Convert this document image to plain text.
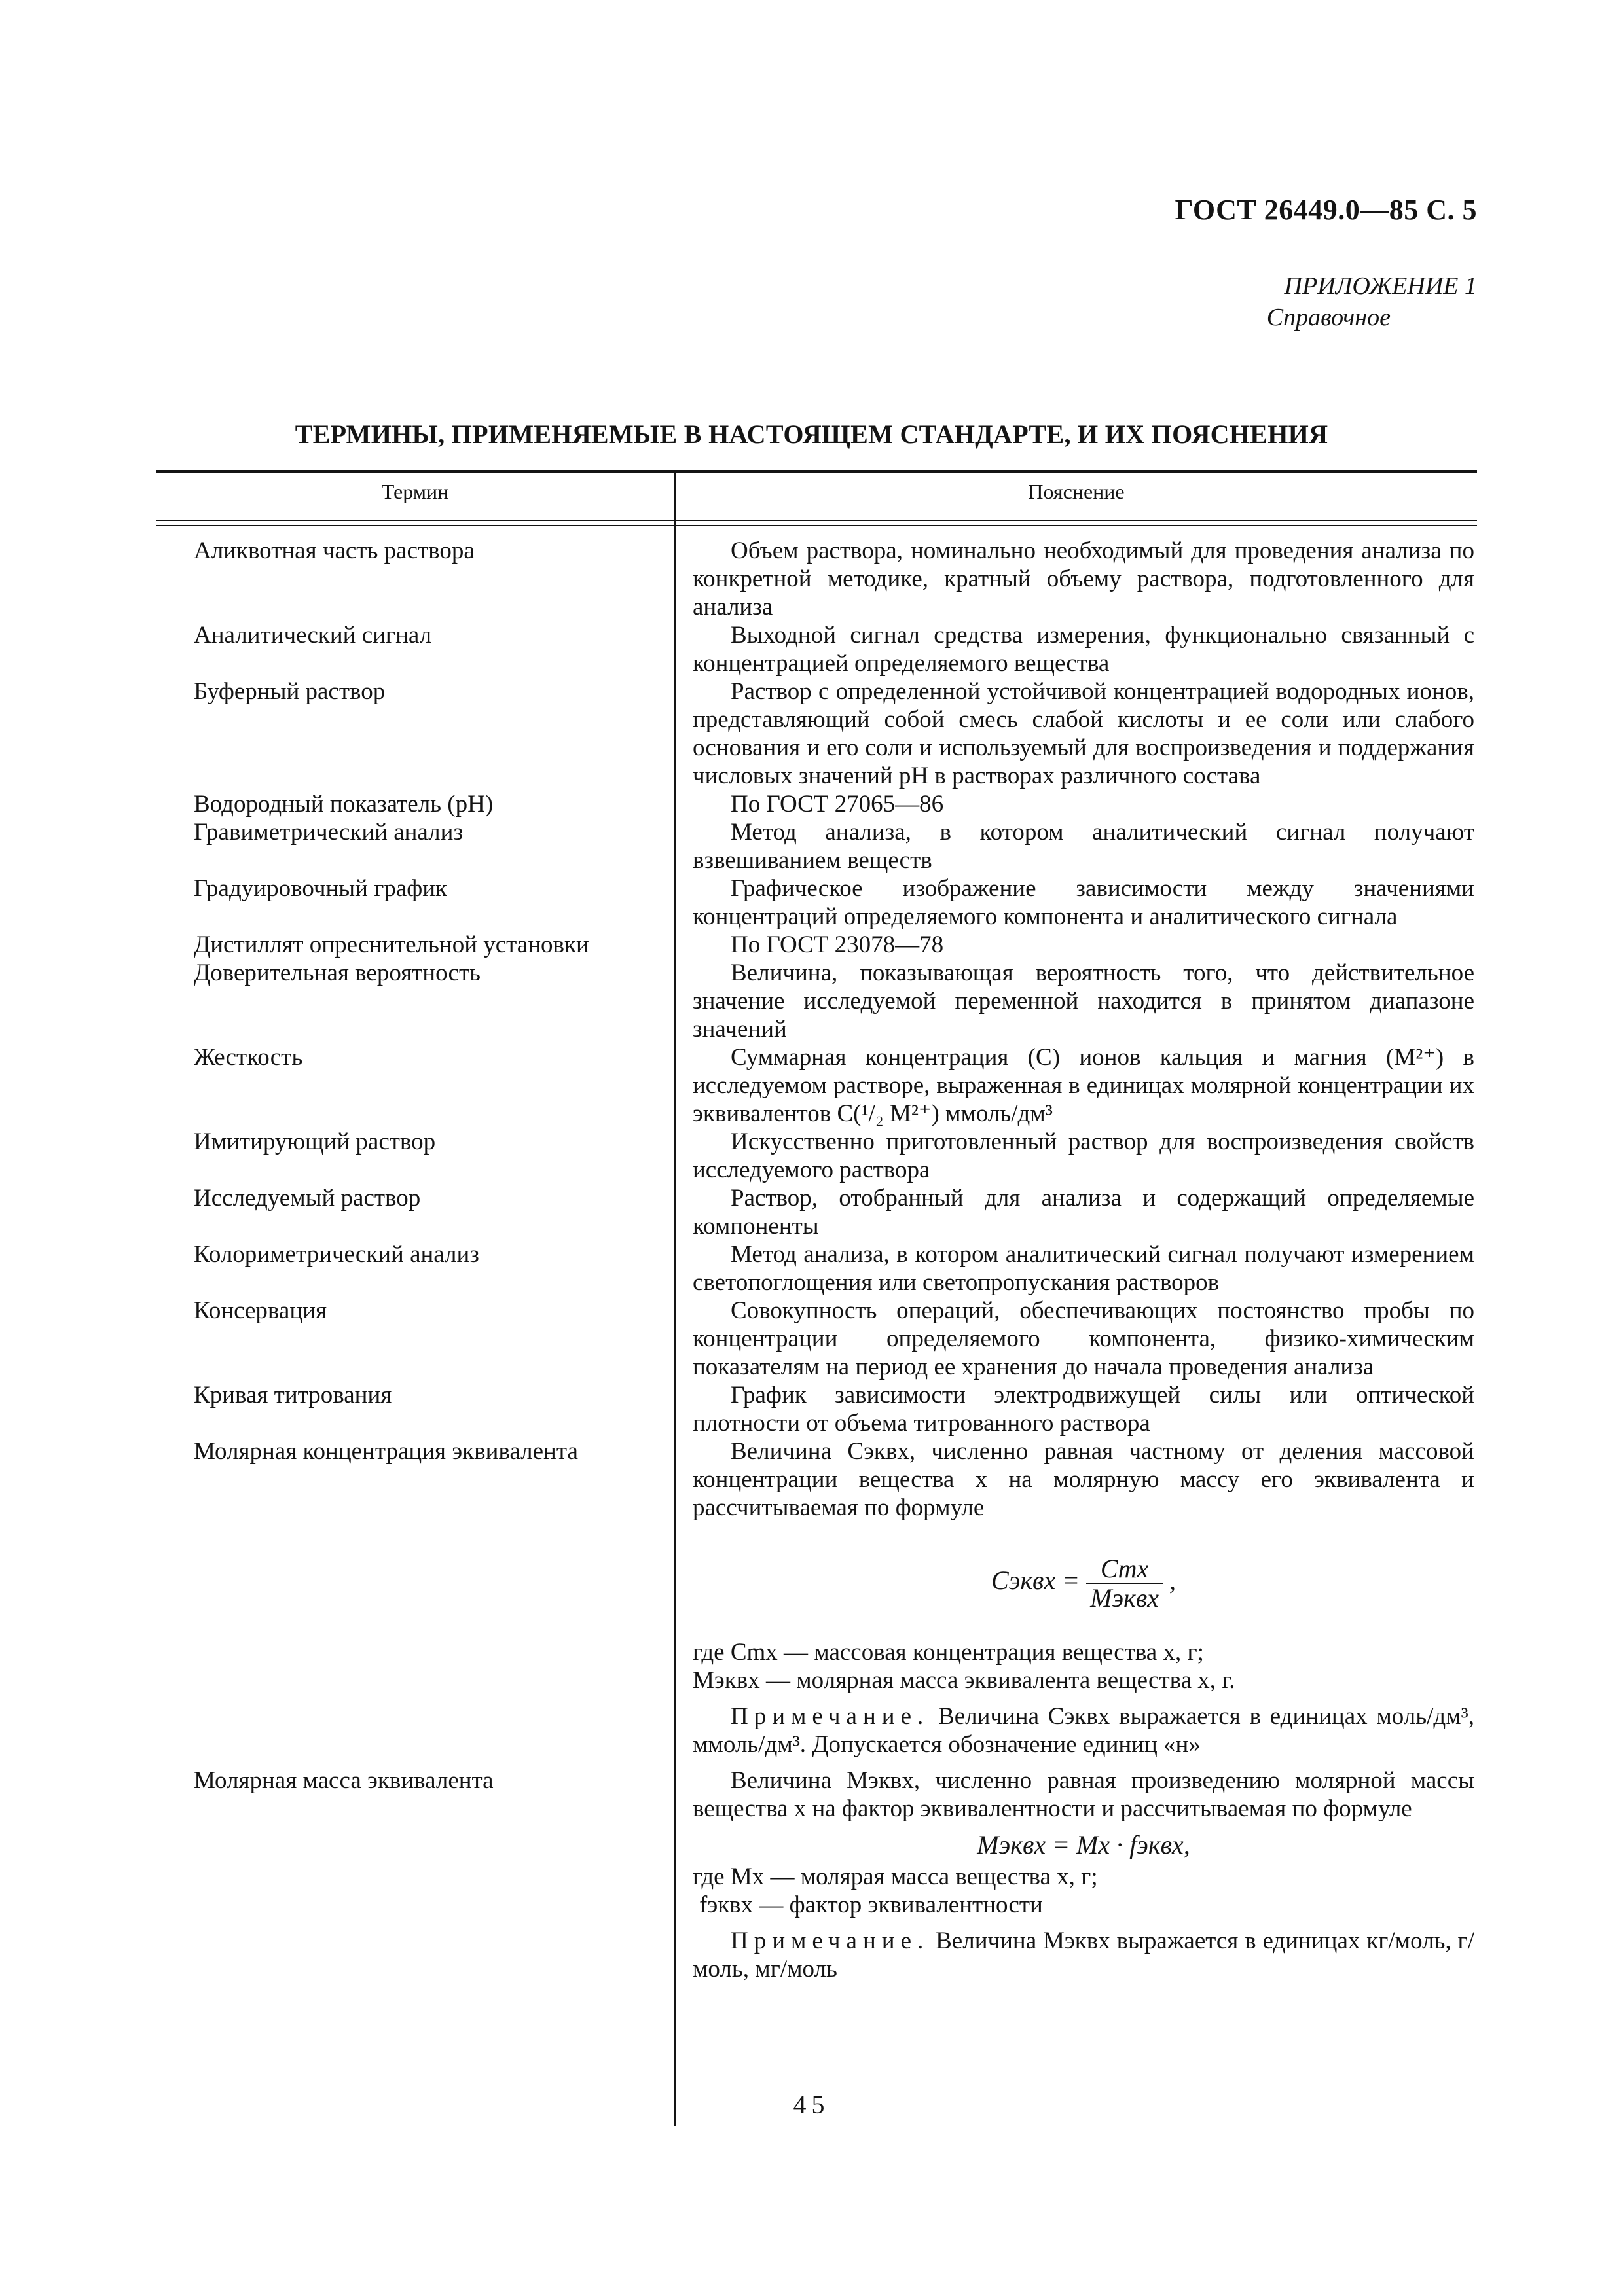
ГОСТ 26449.0—85 С. 5
ПРИЛОЖЕНИЕ 1
Справочное
ТЕРМИНЫ, ПРИМЕНЯЕМЫЕ В НАСТОЯЩЕМ СТАНДАРТЕ, И ИХ ПОЯСНЕНИЯ
Термин	Пояснение
Аликвотная часть раствора	Объем раствора, номинально необходимый для проведения анализа по конкретной методике, кратный объему раствора, подготовленного для анализа
Аналитический сигнал	Выходной сигнал средства измерения, функционально связанный с концентрацией определяемого вещества
Буферный раствор	Раствор с определенной устойчивой концентрацией водородных ионов, представляющий собой смесь слабой кислоты и ее соли или слабого основания и его соли и используемый для воспроизведения и поддержания числовых значений рН в растворах различного состава
Водородный показатель (рН)	По ГОСТ 27065—86
Гравиметрический анализ	Метод анализа, в котором аналитический сигнал получают взвешиванием веществ
Градуировочный график	Графическое изображение зависимости между значениями концентраций определяемого компонента и аналитического сигнала
Дистиллят опреснительной установки	По ГОСТ 23078—78
Доверительная вероятность	Величина, показывающая вероятность того, что действительное значение исследуемой переменной находится в принятом диапазоне значений
Жесткость	Суммарная концентрация (C) ионов кальция и магния (M²⁺) в исследуемом растворе, выраженная в единицах молярной концентрации их эквивалентов C(¹/₂ M²⁺) ммоль/дм³
Имитирующий раствор	Искусственно приготовленный раствор для воспроизведения свойств исследуемого раствора
Исследуемый раствор	Раствор, отобранный для анализа и содержащий определяемые компоненты
Колориметрический анализ	Метод анализа, в котором аналитический сигнал получают измерением светопоглощения или светопропускания растворов
Консервация	Совокупность операций, обеспечивающих постоянство пробы по концентрации определяемого компонента, физико-химическим показателям на период ее хранения до начала проведения анализа
Кривая титрования	График зависимости электродвижущей силы или оптической плотности от объема титрованного раствора
Молярная концентрация эквивалента	Величина Cэквx, численно равная частному от деления массовой концентрации вещества x на молярную массу его эквивалента и рассчитываемая по формуле
Cэквx = $\frac{\text{Cmx}}{\text{Mэквx}}$ ,
где Cmx — массовая концентрация вещества x, г;
Mэквx — молярная масса эквивалента вещества x, г.
Примечание. Величина Cэквx выражается в единицах моль/дм³, ммоль/дм³. Допускается обозначение единиц «н»
Молярная масса эквивалента	Величина Mэквx, численно равная произведению молярной массы вещества x на фактор эквивалентности и рассчитываемая по формуле
Mэквx = Mx · fэквx,
где Mx — молярая масса вещества x, г;
fэквx — фактор эквивалентности
Примечание. Величина Mэквx выражается в единицах кг/моль, г/моль, мг/моль
45
